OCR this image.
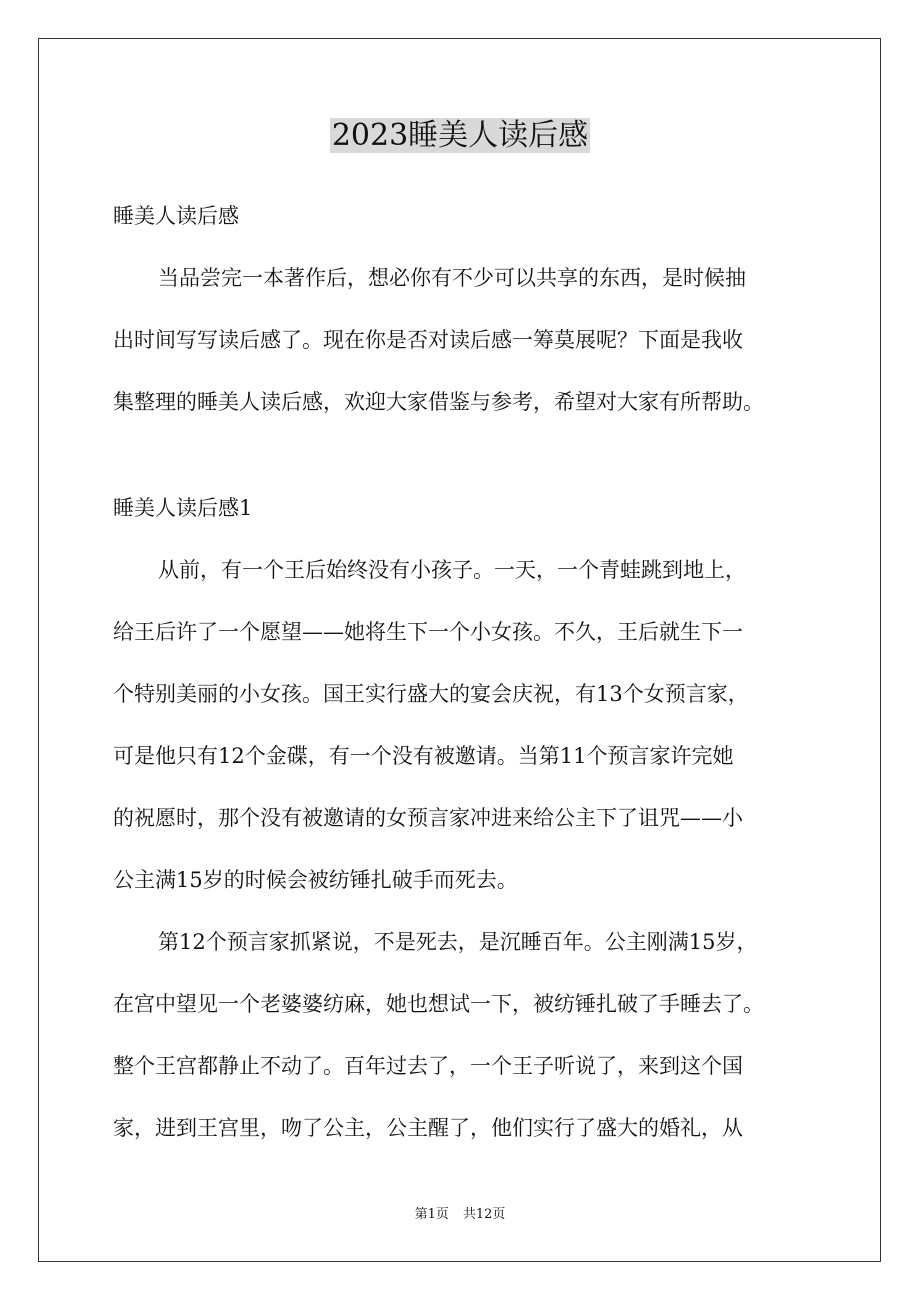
2023睡美人读后感

睡美人读后感

当品尝完一本著作后，想必你有不少可以共享的东西，是时候抽

出时间写写读后感了。现在你是否对读后感一筹莫展呢？下面是我收

集整理的睡美人读后感，欢迎大家借鉴与参考，希望对大家有所帮助。

睡美人读后感1

从前，有一个王后始终没有小孩子。一天，一个青蛙跳到地上，

给王后许了一个愿望——她将生下一个小女孩。不久，王后就生下一

个特别美丽的小女孩。国王实行盛大的宴会庆祝，有13个女预言家，

可是他只有12个金碟，有一个没有被邀请。当第11个预言家许完她

的祝愿时，那个没有被邀请的女预言家冲进来给公主下了诅咒——小

公主满15岁的时候会被纺锤扎破手而死去。

第12个预言家抓紧说，不是死去，是沉睡百年。公主刚满15岁，

在宫中望见一个老婆婆纺麻，她也想试一下，被纺锤扎破了手睡去了。

整个王宫都静止不动了。百年过去了，一个王子听说了，来到这个国

家，进到王宫里，吻了公主，公主醒了，他们实行了盛大的婚礼，从

第1页 共12页
